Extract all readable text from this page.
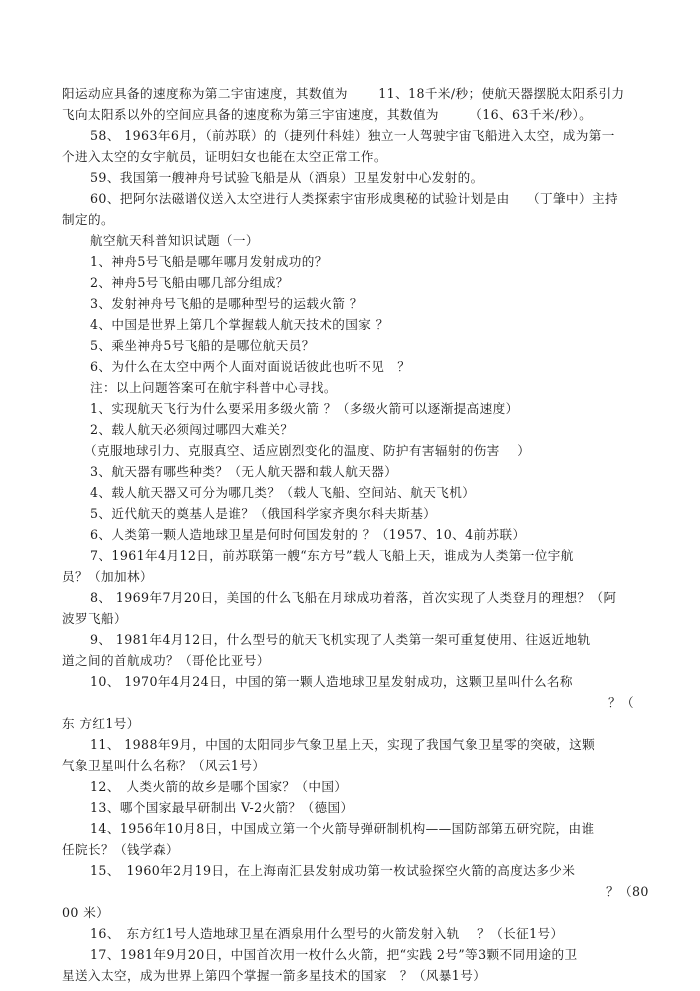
阳运动应具备的速度称为第二宇宙速度，其数值为　　 11、18千米/秒；使航天器摆脱太阳系引力
飞向太阳系以外的空间应具备的速度称为第三宇宙速度，其数值为　　 （16、63千米/秒）。
58、 1963年6月，（前苏联）的（捷列什科娃）独立一人驾驶宇宙飞船进入太空，成为第一
个进入太空的女宇航员，证明妇女也能在太空正常工作。
59、我国第一艘神舟号试验飞船是从（酒泉）卫星发射中心发射的。
60、把阿尔法磁谱仪送入太空进行人类探索宇宙形成奥秘的试验计划是由　 （丁肇中）主持
制定的。
航空航天科普知识试题（一）
1、神舟5号飞船是哪年哪月发射成功的？
2、神舟5号飞船由哪几部分组成？
3、发射神舟号飞船的是哪种型号的运载火箭 ？
4、中国是世界上第几个掌握载人航天技术的国家 ？
5、乘坐神舟5号飞船的是哪位航天员？
6、为什么在太空中两个人面对面说话彼此也听不见　？
注：以上问题答案可在航宇科普中心寻找。
1、实现航天飞行为什么要采用多级火箭 ？（多级火箭可以逐渐提高速度）
2、载人航天必须闯过哪四大难关？
（克服地球引力、克服真空、适应剧烈变化的温度、防护有害辐射的伤害　 ）
3、航天器有哪些种类？（无人航天器和载人航天器）
4、载人航天器又可分为哪几类？（载人飞船、空间站、航天飞机）
5、近代航天的奠基人是谁？（俄国科学家齐奥尔科夫斯基）
6、人类第一颗人造地球卫星是何时何国发射的 ？（1957、10、4前苏联）
7、1961年4月12日，前苏联第一艘“东方号”载人飞船上天，谁成为人类第一位宇航
员？（加加林）
8、 1969年7月20日，美国的什么飞船在月球成功着落，首次实现了人类登月的理想？（阿
波罗飞船）
9、 1981年4月12日，什么型号的航天飞机实现了人类第一架可重复使用、往返近地轨
道之间的首航成功？（哥伦比亚号）
10、 1970年4月24日，中国的第一颗人造地球卫星发射成功，这颗卫星叫什么名称
？（
东 方红1号）
11、 1988年9月，中国的太阳同步气象卫星上天，实现了我国气象卫星零的突破，这颗
气象卫星叫什么名称？（风云1号）
12、　人类火箭的故乡是哪个国家？（中国）
13、哪个国家最早研制出 V-2火箭？（德国）
14、1956年10月8日，中国成立第一个火箭导弹研制机构——国防部第五研究院，由谁
任院长？（钱学森）
15、　1960年2月19日，在上海南汇县发射成功第一枚试验探空火箭的高度达多少米
？（80
00 米）
16、　东方红1号人造地球卫星在酒泉用什么型号的火箭发射入轨　 ？（长征1号）
17、1981年9月20日，中国首次用一枚什么火箭，把“实践 2号”等3颗不同用途的卫
星送入太空，成为世界上第四个掌握一箭多星技术的国家　？（风暴1号）
